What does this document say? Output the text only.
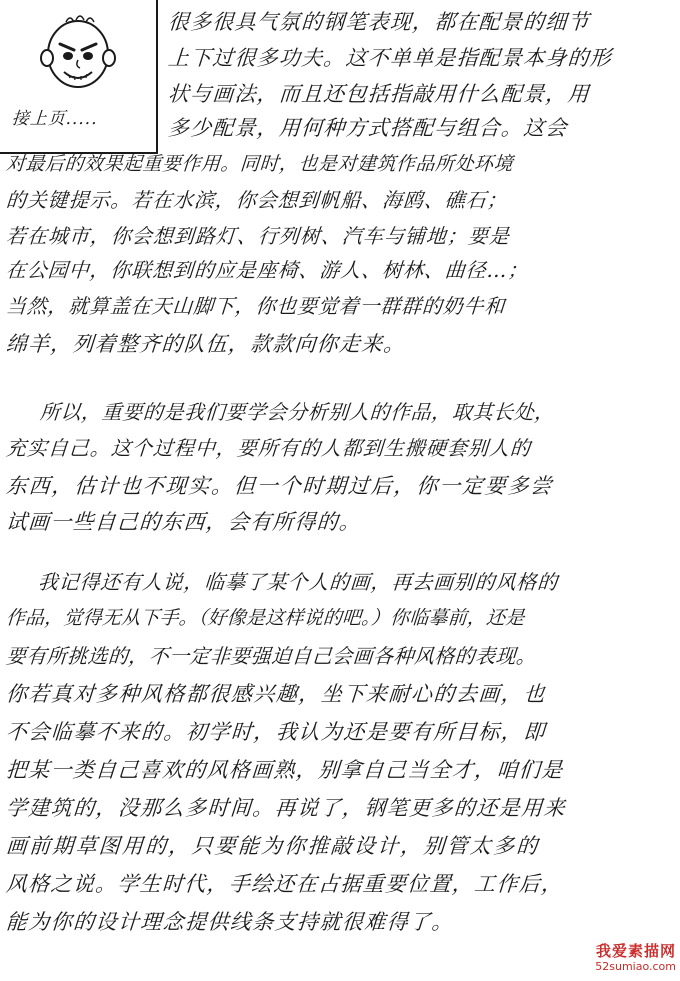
接上页.....
很多很具气氛的钢笔表现，都在配景的细节
上下过很多功夫。这不单单是指配景本身的形
状与画法，而且还包括指敲用什么配景，用
多少配景，用何种方式搭配与组合。这会
对最后的效果起重要作用。同时，也是对建筑作品所处环境
的关键提示。若在水滨，你会想到帆船、海鸥、礁石；
若在城市，你会想到路灯、行列树、汽车与铺地；要是
在公园中，你联想到的应是座椅、游人、树林、曲径…；
当然，就算盖在天山脚下，你也要觉着一群群的奶牛和
绵羊，列着整齐的队伍，款款向你走来。
所以，重要的是我们要学会分析别人的作品，取其长处，
充实自己。这个过程中，要所有的人都到生搬硬套别人的
东西，估计也不现实。但一个时期过后，你一定要多尝
试画一些自己的东西，会有所得的。
我记得还有人说，临摹了某个人的画，再去画别的风格的
作品，觉得无从下手。（好像是这样说的吧。）你临摹前，还是
要有所挑选的，不一定非要强迫自己会画各种风格的表现。
你若真对多种风格都很感兴趣，坐下来耐心的去画，也
不会临摹不来的。初学时，我认为还是要有所目标，即
把某一类自己喜欢的风格画熟，别拿自己当全才，咱们是
学建筑的，没那么多时间。再说了，钢笔更多的还是用来
画前期草图用的，只要能为你推敲设计，别管太多的
风格之说。学生时代，手绘还在占据重要位置，工作后，
能为你的设计理念提供线条支持就很难得了。
我爱素描网
52sumiao.com
